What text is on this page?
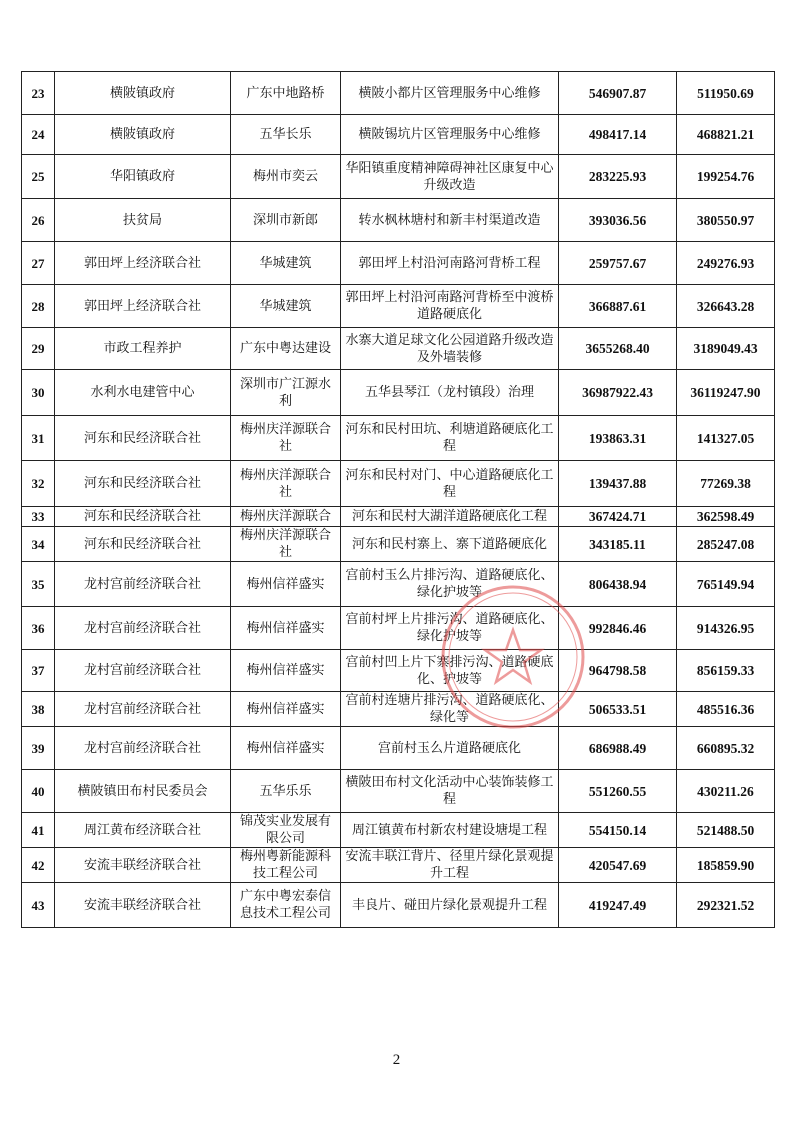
23	横陂镇政府	广东中地路桥	横陂小都片区管理服务中心维修	546907.87	511950.69
24	横陂镇政府	五华长乐	横陂锡坑片区管理服务中心维修	498417.14	468821.21
25	华阳镇政府	梅州市奕云	华阳镇重度精神障碍神社区康复中心升级改造	283225.93	199254.76
26	扶贫局	深圳市新郎	转水枫林塘村和新丰村渠道改造	393036.56	380550.97
27	郭田坪上经济联合社	华城建筑	郭田坪上村沿河南路河背桥工程	259757.67	249276.93
28	郭田坪上经济联合社	华城建筑	郭田坪上村沿河南路河背桥至中渡桥道路硬底化	366887.61	326643.28
29	市政工程养护	广东中粤达建设	水寨大道足球文化公园道路升级改造及外墙装修	3655268.40	3189049.43
30	水利水电建管中心	深圳市广江源水利	五华县琴江（龙村镇段）治理	36987922.43	36119247.90
31	河东和民经济联合社	梅州庆洋源联合社	河东和民村田坑、利塘道路硬底化工程	193863.31	141327.05
32	河东和民经济联合社	梅州庆洋源联合社	河东和民村对门、中心道路硬底化工程	139437.88	77269.38
33	河东和民经济联合社	梅州庆洋源联合	河东和民村大湖洋道路硬底化工程	367424.71	362598.49
34	河东和民经济联合社	梅州庆洋源联合社	河东和民村寨上、寨下道路硬底化	343185.11	285247.08
35	龙村宫前经济联合社	梅州信祥盛实	宫前村玉么片排污沟、道路硬底化、绿化护坡等	806438.94	765149.94
36	龙村宫前经济联合社	梅州信祥盛实	宫前村坪上片排污沟、道路硬底化、绿化护坡等	992846.46	914326.95
37	龙村宫前经济联合社	梅州信祥盛实	宫前村凹上片下寨排污沟、道路硬底化、护坡等	964798.58	856159.33
38	龙村宫前经济联合社	梅州信祥盛实	宫前村连塘片排污沟、道路硬底化、绿化等	506533.51	485516.36
39	龙村宫前经济联合社	梅州信祥盛实	宫前村玉么片道路硬底化	686988.49	660895.32
40	横陂镇田布村民委员会	五华乐乐	横陂田布村文化活动中心装饰装修工程	551260.55	430211.26
41	周江黄布经济联合社	锦茂实业发展有限公司	周江镇黄布村新农村建设塘堤工程	554150.14	521488.50
42	安流丰联经济联合社	梅州粤新能源科技工程公司	安流丰联江背片、径里片绿化景观提升工程	420547.69	185859.90
43	安流丰联经济联合社	广东中粤宏泰信息技术工程公司	丰良片、碰田片绿化景观提升工程	419247.49	292321.52
2
